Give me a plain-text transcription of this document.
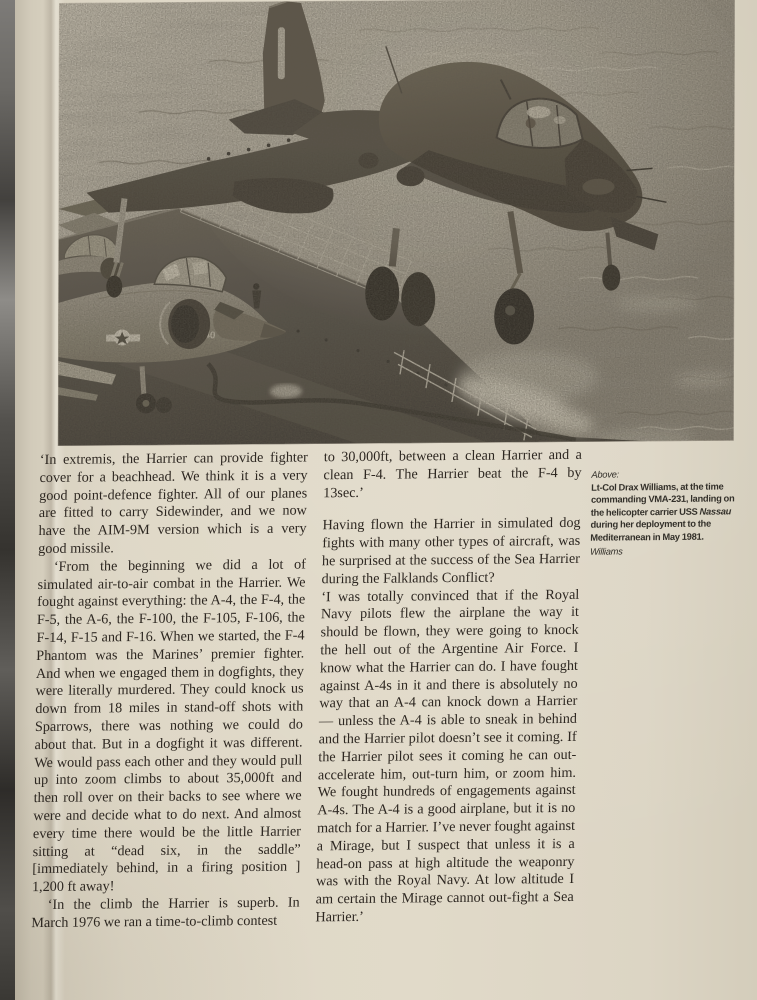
‘In extremis, the Harrier can provide fighter cover for a beachhead. We think it is a very good point-defence fighter. All of our planes are fitted to carry Sidewinder, and we now have the AIM-9M version which is a very good missile.

‘From the beginning we did a lot of simulated air-to-air combat in the Harrier. We fought against everything: the A-4, the F-4, the F-5, the A-6, the F-100, the F-105, F-106, the F-14, F-15 and F-16. When we started, the F-4 Phantom was the Marines’ premier fighter. And when we engaged them in dogfights, they were literally murdered. They could knock us down from 18 miles in stand-off shots with Sparrows, there was nothing we could do about that. But in a dogfight it was different. We would pass each other and they would pull up into zoom climbs to about 35,000ft and then roll over on their backs to see where we were and decide what to do next. And almost every time there would be the little Harrier sitting at “dead six, in the saddle” [immediately behind, in a firing position ] 1,200 ft away!

‘In the climb the Harrier is superb. In March 1976 we ran a time-to-climb contest

to 30,000ft, between a clean Harrier and a clean F-4. The Harrier beat the F-4 by 13sec.’

Having flown the Harrier in simulated dog fights with many other types of aircraft, was he surprised at the success of the Sea Harrier during the Falklands Conflict?

‘I was totally convinced that if the Royal Navy pilots flew the airplane the way it should be flown, they were going to knock the hell out of the Argentine Air Force. I know what the Harrier can do. I have fought against A-4s in it and there is absolutely no way that an A-4 can knock down a Harrier — unless the A-4 is able to sneak in behind and the Harrier pilot doesn’t see it coming. If the Harrier pilot sees it coming he can out-accelerate him, out-turn him, or zoom him. We fought hundreds of engagements against A-4s. The A-4 is a good airplane, but it is no match for a Harrier. I’ve never fought against a Mirage, but I suspect that unless it is a head-on pass at high altitude the weaponry was with the Royal Navy. At low altitude I am certain the Mirage cannot out-fight a Sea Harrier.’

Above:
Lt-Col Drax Williams, at the time commanding VMA-231, landing on the helicopter carrier USS Nassau during her deployment to the Mediterranean in May 1981.
Williams
